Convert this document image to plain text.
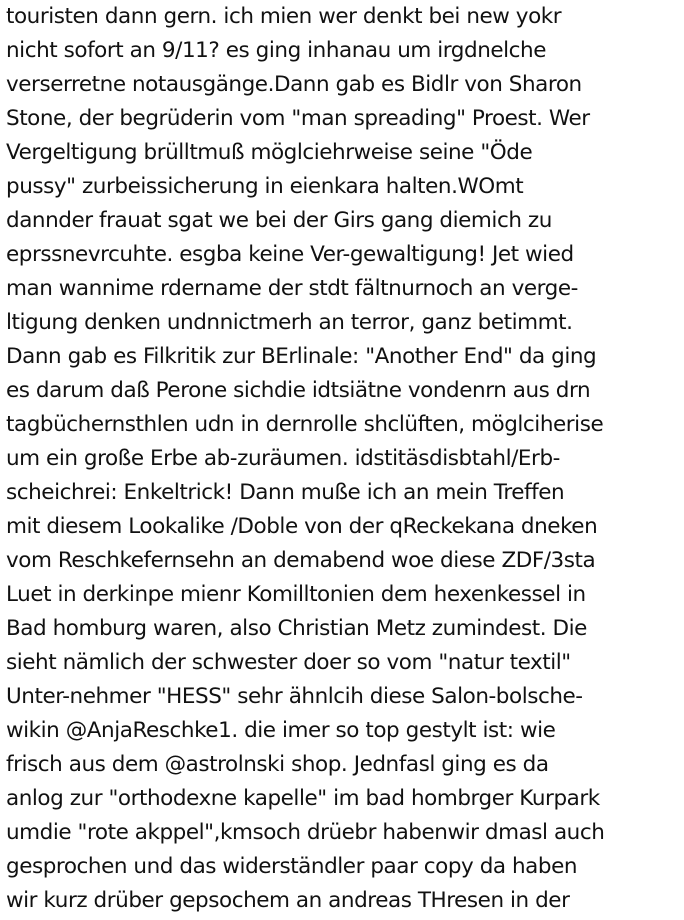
touristen dann gern. ich mien wer denkt bei new yokr
nicht sofort an 9/11? es ging inhanau um irgdnelche
verserretne notausgänge.Dann gab es Bidlr von Sharon
Stone, der begrüderin vom "man spreading" Proest. Wer
Vergeltigung brülltmuß möglciehrweise seine "Öde
pussy" zurbeissicherung in eienkara halten.WOmt
dannder frauat sgat we bei der Girs gang diemich zu
eprssnevrcuhte. esgba keine Ver-gewaltigung! Jet wied
man wannime rdername der stdt fältnurnoch an verge-
ltigung denken undnnictmerh an terror, ganz betimmt.
Dann gab es Filkritik zur BErlinale: "Another End" da ging
es darum daß Perone sichdie idtsiätne vondenrn aus drn
tagbüchernsthlen udn in dernrolle shclüften, möglciherise
um ein große Erbe ab-zuräumen. idstitäsdisbtahl/Erb-
scheichrei: Enkeltrick! Dann muße ich an mein Treffen
mit diesem Lookalike /Doble von der qReckekana dneken
vom Reschkefernsehn an demabend woe diese ZDF/3sta
Luet in derkinpe mienr Komilltonien dem hexenkessel in
Bad homburg waren, also Christian Metz zumindest. Die
sieht nämlich der schwester doer so vom "natur textil"
Unter-nehmer "HESS" sehr ähnlcih diese Salon-bolsche-
wikin @AnjaReschke1. die imer so top gestylt ist: wie
frisch aus dem @astrolnski shop. Jednfasl ging es da
anlog zur "orthodexne kapelle" im bad hombrger Kurpark
umdie "rote akppel",kmsoch drüebr habenwir dmasl auch
gesprochen und das widerständler paar copy da haben
wir kurz drüber gepsochem an andreas THresen in der
